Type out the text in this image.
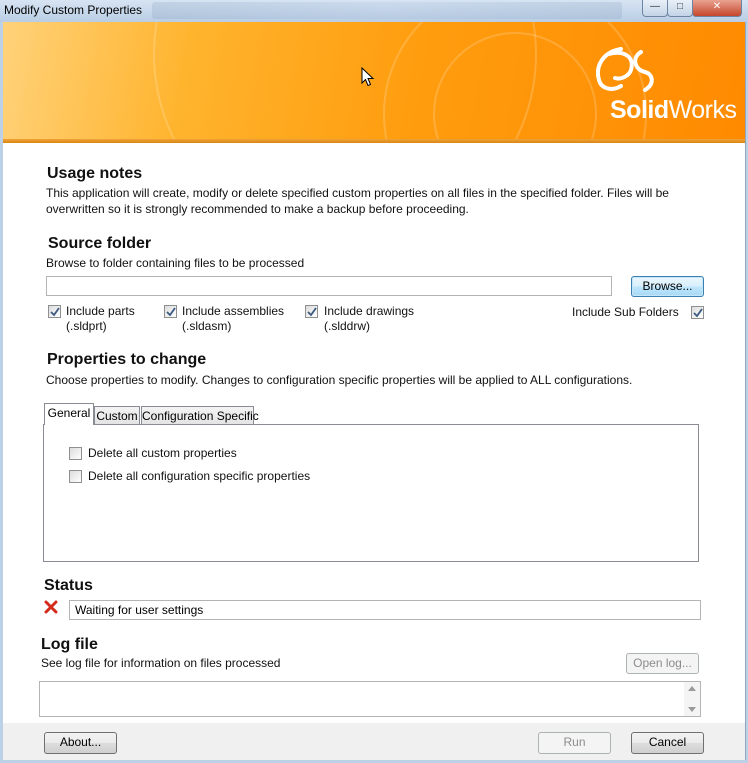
Modify Custom Properties	—	□	✕
SolidWorks
Usage notes
This application will create, modify or delete specified custom properties on all files in the specified folder. Files will be
overwritten so it is strongly recommended to make a backup before proceeding.
Source folder
Browse to folder containing files to be processed
Browse...
Include parts
(.sldprt)
Include assemblies
(.sldasm)
Include drawings
(.slddrw)
Include Sub Folders
Properties to change
Choose properties to modify. Changes to configuration specific properties will be applied to ALL configurations.
General Custom Configuration Specific
Delete all custom properties
Delete all configuration specific properties
Status
Waiting for user settings
Log file
See log file for information on files processed	Open log...
About...	Run	Cancel
